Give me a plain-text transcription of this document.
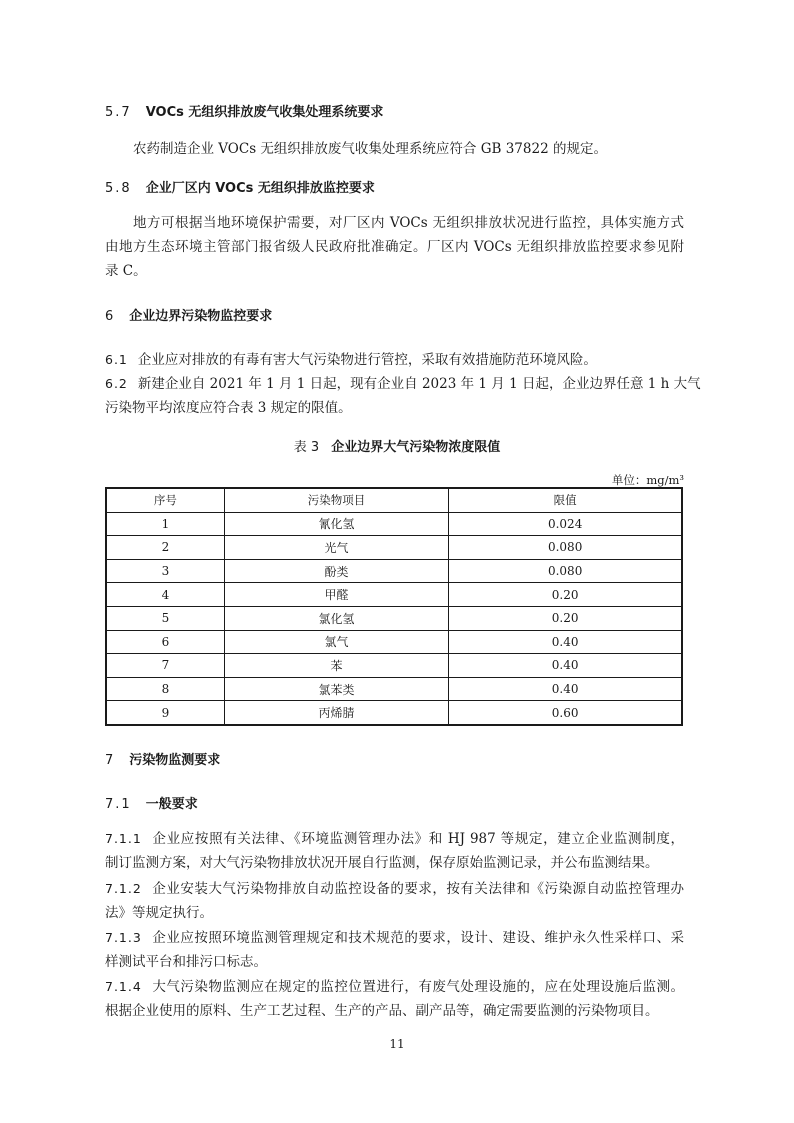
5.7 VOCs 无组织排放废气收集处理系统要求
农药制造企业 VOCs 无组织排放废气收集处理系统应符合 GB 37822 的规定。
5.8 企业厂区内 VOCs 无组织排放监控要求
地方可根据当地环境保护需要，对厂区内 VOCs 无组织排放状况进行监控，具体实施方式
由地方生态环境主管部门报省级人民政府批准确定。厂区内 VOCs 无组织排放监控要求参见附
录 C。
6 企业边界污染物监控要求
6.1 企业应对排放的有毒有害大气污染物进行管控，采取有效措施防范环境风险。
6.2 新建企业自 2021 年 1 月 1 日起，现有企业自 2023 年 1 月 1 日起，企业边界任意 1 h 大气
污染物平均浓度应符合表 3 规定的限值。
表 3 企业边界大气污染物浓度限值
单位：mg/m³
序号	污染物项目	限值
1	氰化氢	0.024
2	光气	0.080
3	酚类	0.080
4	甲醛	0.20
5	氯化氢	0.20
6	氯气	0.40
7	苯	0.40
8	氯苯类	0.40
9	丙烯腈	0.60
7 污染物监测要求
7.1 一般要求
7.1.1 企业应按照有关法律、《环境监测管理办法》和 HJ 987 等规定，建立企业监测制度，
制订监测方案，对大气污染物排放状况开展自行监测，保存原始监测记录，并公布监测结果。
7.1.2 企业安装大气污染物排放自动监控设备的要求，按有关法律和《污染源自动监控管理办
法》等规定执行。
7.1.3 企业应按照环境监测管理规定和技术规范的要求，设计、建设、维护永久性采样口、采
样测试平台和排污口标志。
7.1.4 大气污染物监测应在规定的监控位置进行，有废气处理设施的，应在处理设施后监测。
根据企业使用的原料、生产工艺过程、生产的产品、副产品等，确定需要监测的污染物项目。
11
